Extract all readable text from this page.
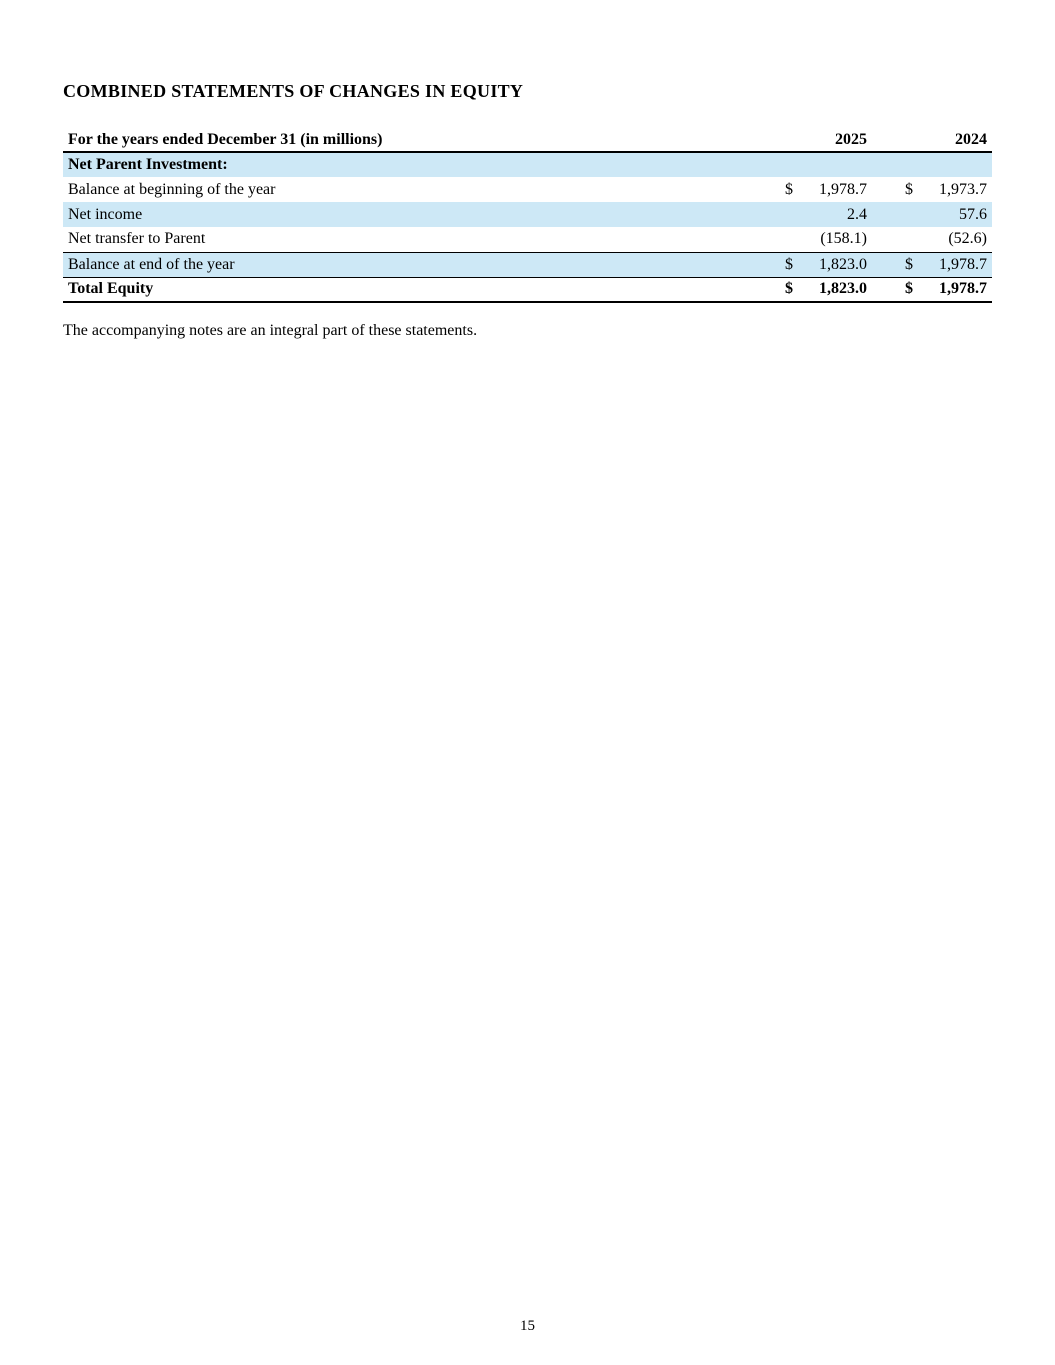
COMBINED STATEMENTS OF CHANGES IN EQUITY
For the years ended December 31 (in millions)	2025			2024	
Net Parent Investment:					
Balance at beginning of the year	$	1,978.7		$	1,973.7
Net income		2.4			57.6
Net transfer to Parent		(158.1)			(52.6)
Balance at end of the year	$	1,823.0		$	1,978.7
Total Equity	$	1,823.0		$	1,978.7

The accompanying notes are an integral part of these statements.

15
